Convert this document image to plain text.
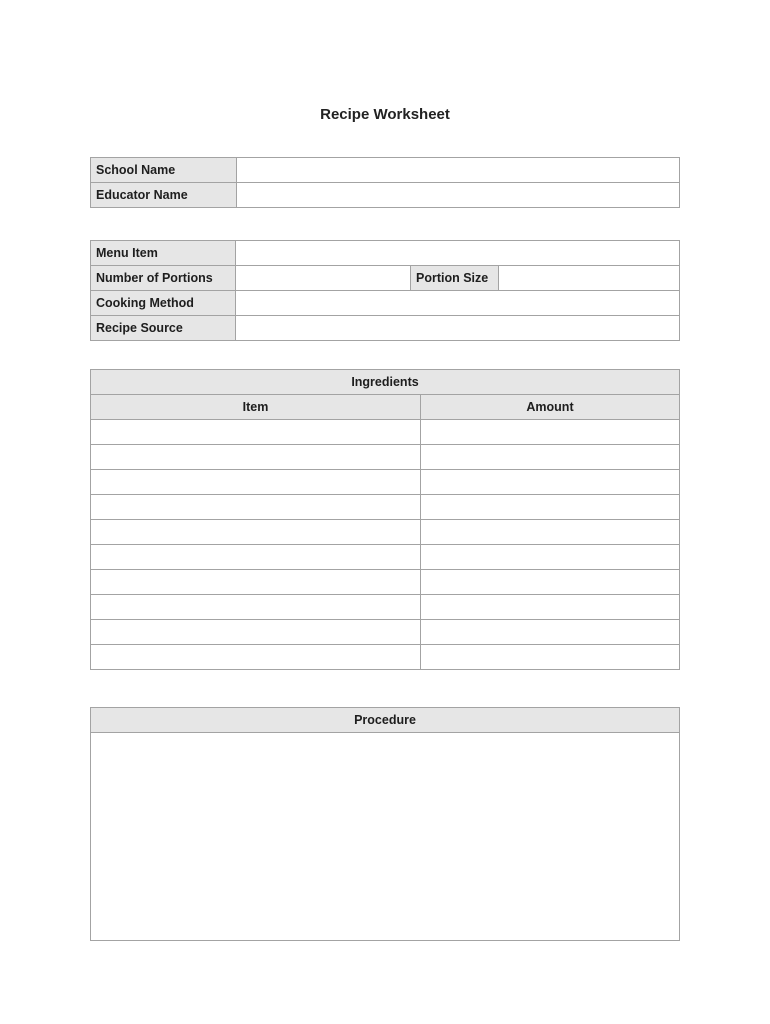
Recipe Worksheet
School Name	
Educator Name	
Menu Item			
Number of Portions		Portion Size	
Cooking Method			
Recipe Source			
Ingredients	
Item	Amount

Procedure
